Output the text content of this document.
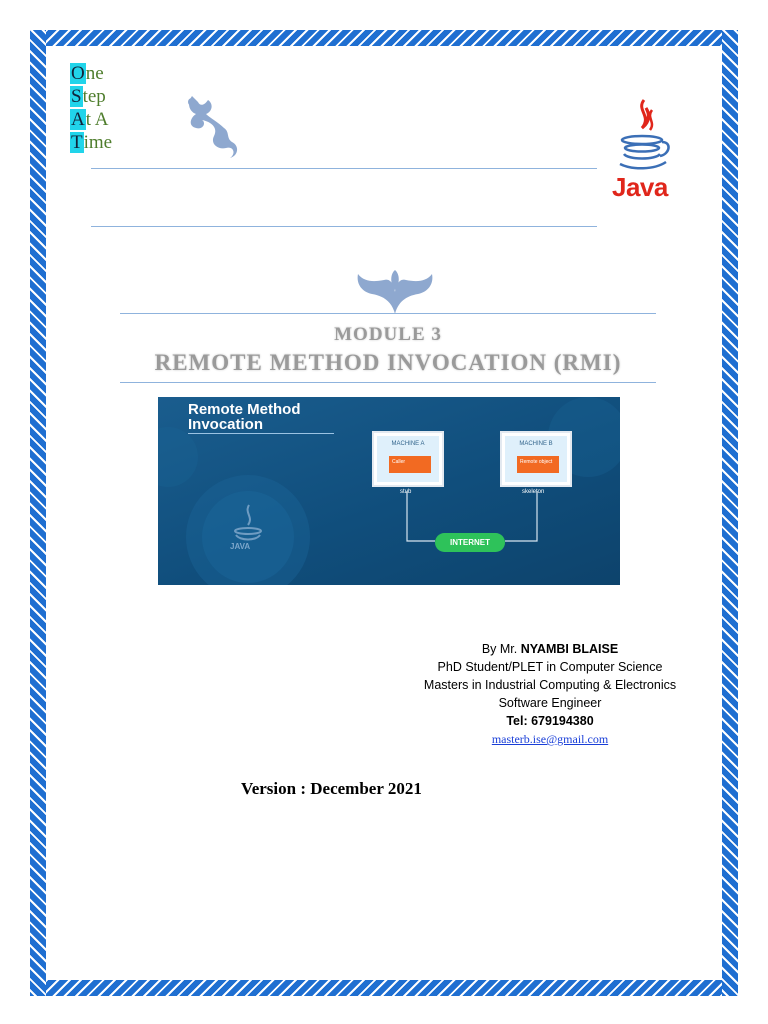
One
Step
At A
Time
Java
MODULE 3
REMOTE METHOD INVOCATION (RMI)
JAVA
Remote Method
Invocation
MACHINE A
Caller
stub
MACHINE B
Remote object
skeleton
INTERNET
By Mr. NYAMBI BLAISE
PhD Student/PLET in Computer Science
Masters in Industrial Computing & Electronics
Software Engineer
Tel: 679194380
masterb.ise@gmail.com
Version : December 2021
